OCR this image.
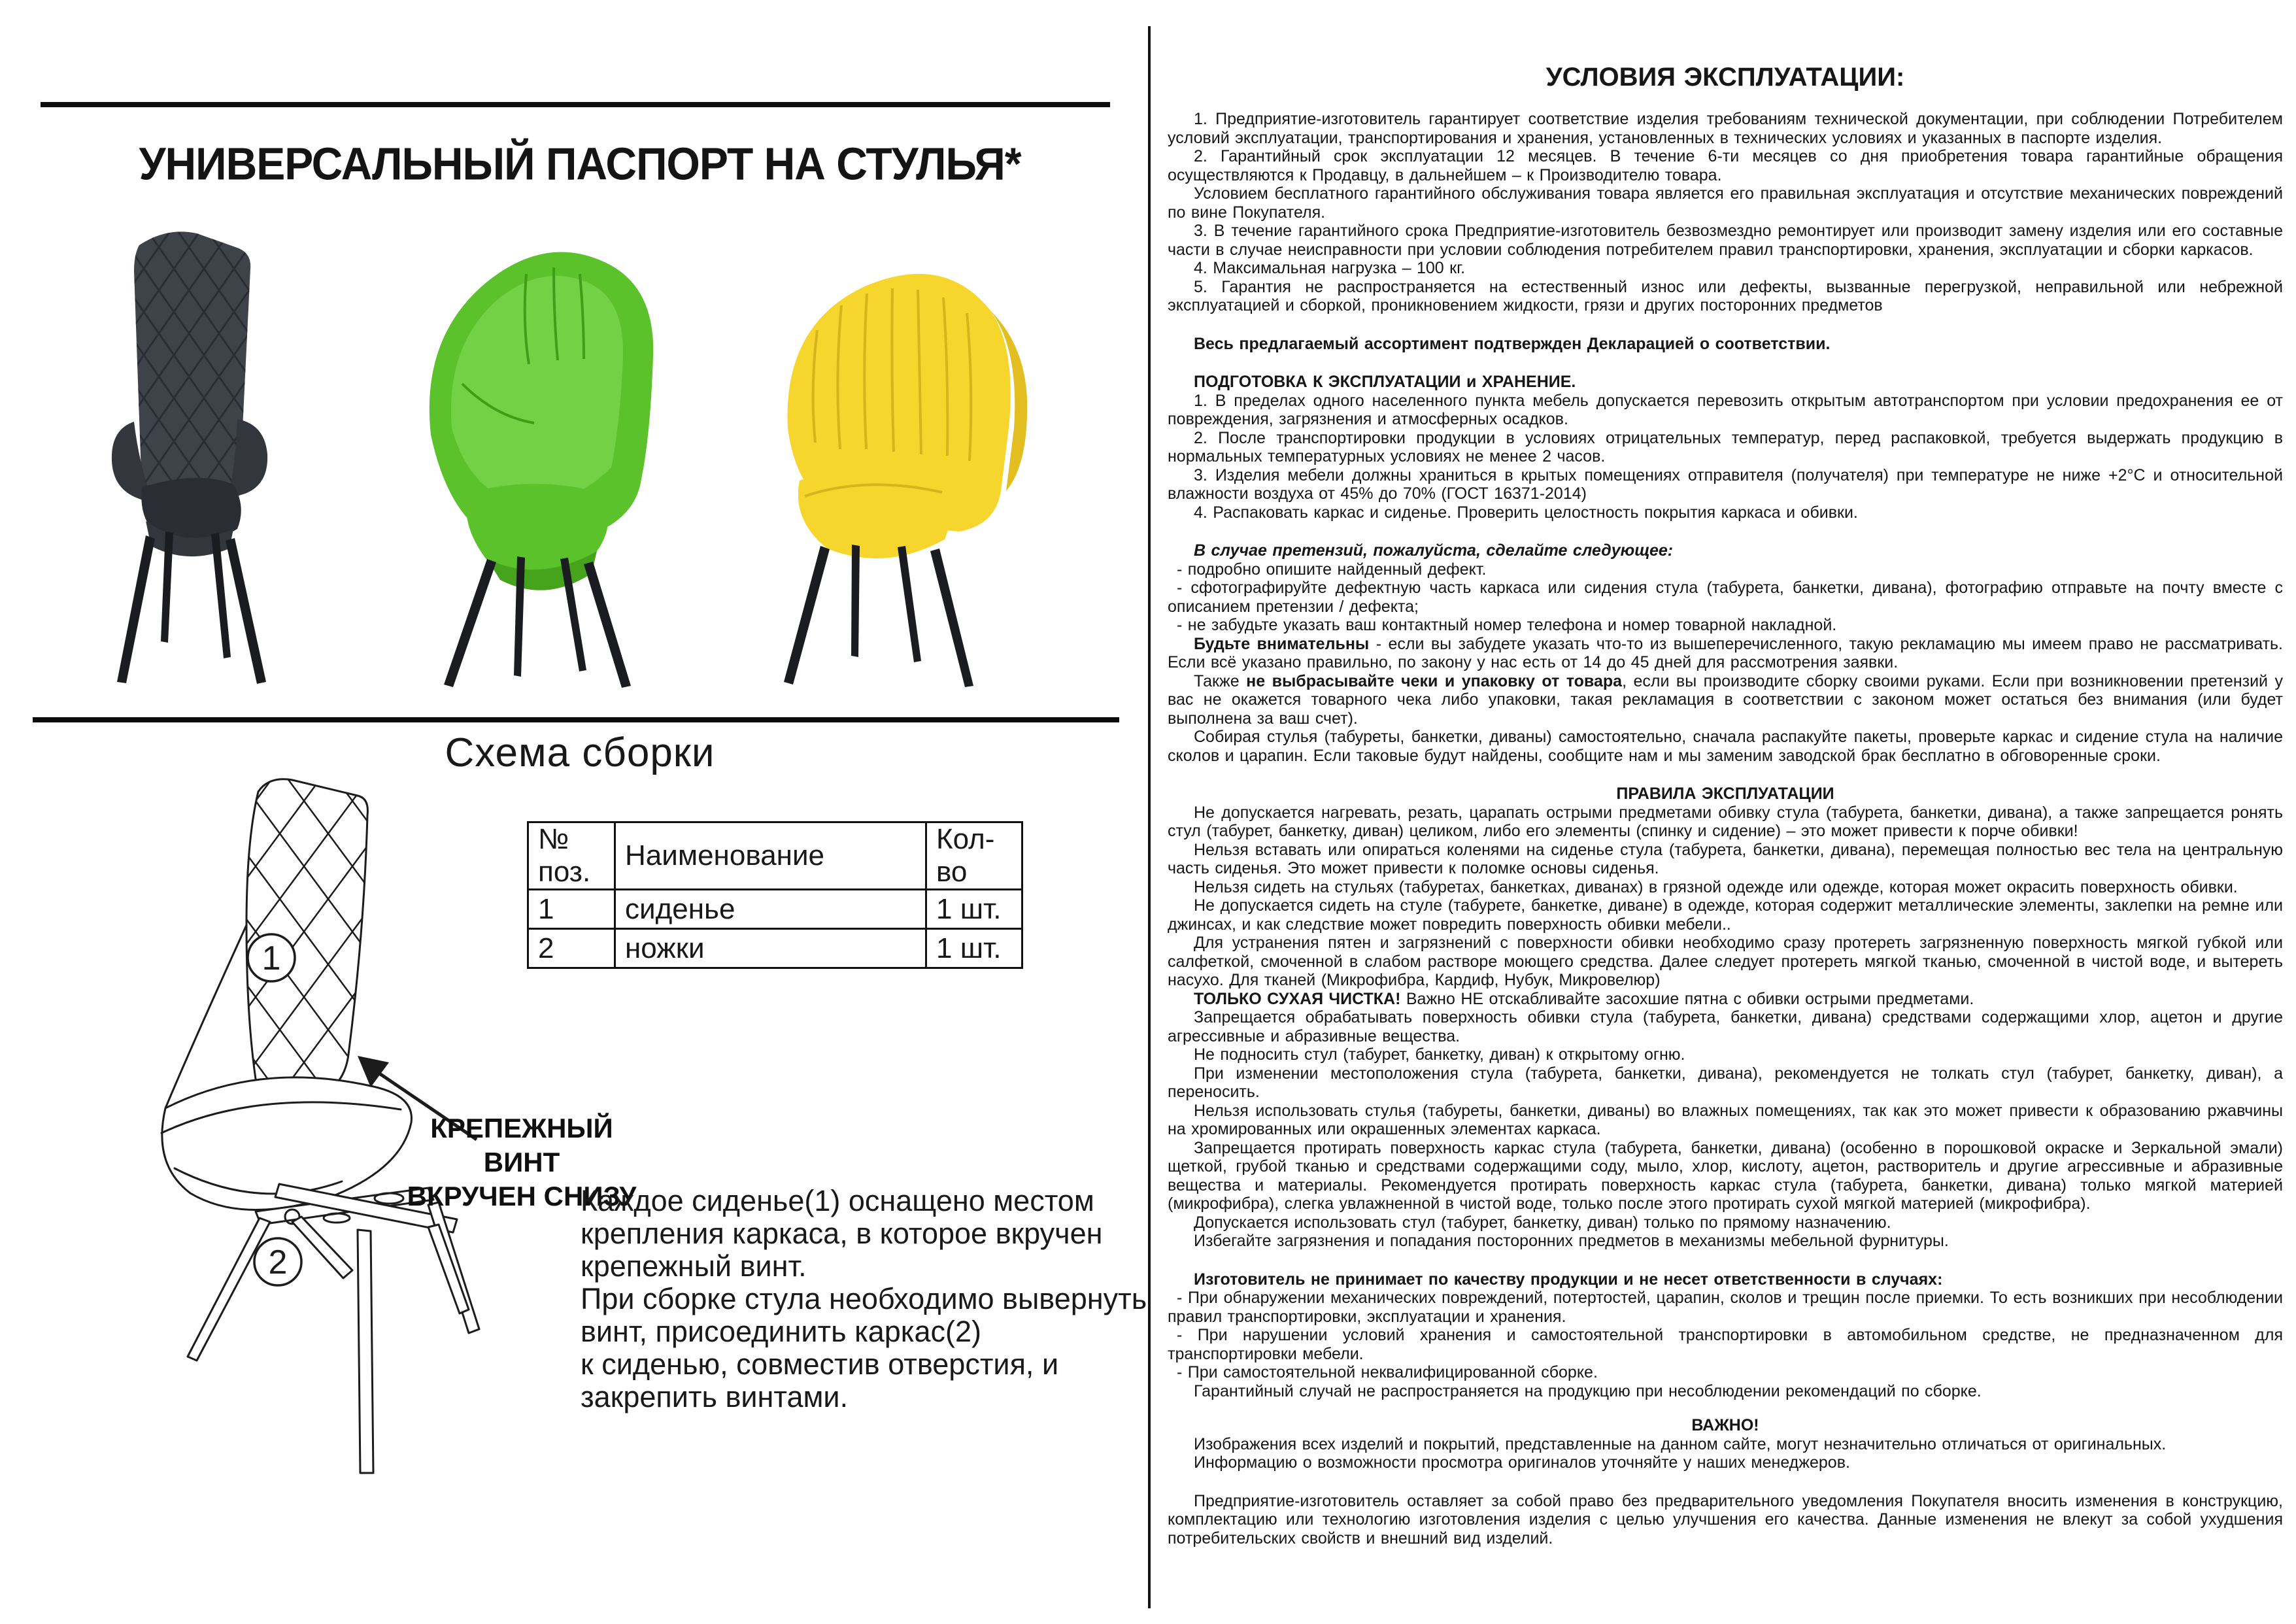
УНИВЕРСАЛЬНЫЙ ПАСПОРТ НА СТУЛЬЯ*
Схема сборки
1
2
№ поз.	Наименование	Кол-во
1	сиденье	1 шт.
2	ножки	1 шт.
КРЕПЕЖНЫЙ ВИНТ
ВКРУЧЕН СНИЗУ
Каждое сиденье(1) оснащено местом
крепления каркаса, в которое вкручен
крепежный винт.
При сборке стула необходимо вывернуть
винт, присоединить каркас(2)
к сиденью, совместив отверстия, и
закрепить винтами.

УСЛОВИЯ ЭКСПЛУАТАЦИИ:

1. Предприятие-изготовитель гарантирует соответствие изделия требованиям технической документации, при соблюдении Потребителем условий эксплуатации, транспортирования и хранения, установленных в технических условиях и указанных в паспорте изделия.

2. Гарантийный срок эксплуатации 12 месяцев. В течение 6-ти месяцев со дня приобретения товара гарантийные обращения осуществляются к Продавцу, в дальнейшем – к Производителю товара.

Условием бесплатного гарантийного обслуживания товара является его правильная эксплуатация и отсутствие механических повреждений по вине Покупателя.

3. В течение гарантийного срока Предприятие-изготовитель безвозмездно ремонтирует или производит замену изделия или его составные части в случае неисправности при условии соблюдения потребителем правил транспортировки, хранения, эксплуатации и сборки каркасов.

4. Максимальная нагрузка – 100 кг.

5. Гарантия не распространяется на естественный износ или дефекты, вызванные перегрузкой, неправильной или небрежной эксплуатацией и сборкой, проникновением жидкости, грязи и других посторонних предметов

Весь предлагаемый ассортимент подтвержден Декларацией о соответствии.

ПОДГОТОВКА К ЭКСПЛУАТАЦИИ и ХРАНЕНИЕ.

1. В пределах одного населенного пункта мебель допускается перевозить открытым автотранспортом при условии предохранения ее от повреждения, загрязнения и атмосферных осадков.

2. После транспортировки продукции в условиях отрицательных температур, перед распаковкой, требуется выдержать продукцию в нормальных температурных условиях не менее 2 часов.

3. Изделия мебели должны храниться в крытых помещениях отправителя (получателя) при температуре не ниже +2°С и относительной влажности воздуха от 45% до 70% (ГОСТ 16371-2014)

4. Распаковать каркас и сиденье. Проверить целостность покрытия каркаса и обивки.

В случае претензий, пожалуйста, сделайте следующее:

- подробно опишите найденный дефект.

- сфотографируйте дефектную часть каркаса или сидения стула (табурета, банкетки, дивана), фотографию отправьте на почту вместе с описанием претензии / дефекта;

- не забудьте указать ваш контактный номер телефона и номер товарной накладной.

Будьте внимательны - если вы забудете указать что-то из вышеперечисленного, такую рекламацию мы имеем право не рассматривать. Если всё указано правильно, по закону у нас есть от 14 до 45 дней для рассмотрения заявки.

Также не выбрасывайте чеки и упаковку от товара, если вы производите сборку своими руками. Если при возникновении претензий у вас не окажется товарного чека либо упаковки, такая рекламация в соответствии с законом может остаться без внимания (или будет выполнена за ваш счет).

Собирая стулья (табуреты, банкетки, диваны) самостоятельно, сначала распакуйте пакеты, проверьте каркас и сидение стула на наличие сколов и царапин. Если таковые будут найдены, сообщите нам и мы заменим заводской брак бесплатно в обговоренные сроки.

ПРАВИЛА ЭКСПЛУАТАЦИИ

Не допускается нагревать, резать, царапать острыми предметами обивку стула (табурета, банкетки, дивана), а также запрещается ронять стул (табурет, банкетку, диван) целиком, либо его элементы (спинку и сидение) – это может привести к порче обивки!

Нельзя вставать или опираться коленями на сиденье стула (табурета, банкетки, дивана), перемещая полностью вес тела на центральную часть сиденья. Это может привести к поломке основы сиденья.

Нельзя сидеть на стульях (табуретах, банкетках, диванах) в грязной одежде или одежде, которая может окрасить поверхность обивки.

Не допускается сидеть на стуле (табурете, банкетке, диване) в одежде, которая содержит металлические элементы, заклепки на ремне или джинсах, и как следствие может повредить поверхность обивки мебели..

Для устранения пятен и загрязнений с поверхности обивки необходимо сразу протереть загрязненную поверхность мягкой губкой или салфеткой, смоченной в слабом растворе моющего средства. Далее следует протереть мягкой тканью, смоченной в чистой воде, и вытереть насухо. Для тканей (Микрофибра, Кардиф, Нубук, Микровелюр)

ТОЛЬКО СУХАЯ ЧИСТКА! Важно НЕ отскабливайте засохшие пятна с обивки острыми предметами.

Запрещается обрабатывать поверхность обивки стула (табурета, банкетки, дивана) средствами содержащими хлор, ацетон и другие агрессивные и абразивные вещества.

Не подносить стул (табурет, банкетку, диван) к открытому огню.

При изменении местоположения стула (табурета, банкетки, дивана), рекомендуется не толкать стул (табурет, банкетку, диван), а переносить.

Нельзя использовать стулья (табуреты, банкетки, диваны) во влажных помещениях, так как это может привести к образованию ржавчины на хромированных или окрашенных элементах каркаса.

Запрещается протирать поверхность каркас стула (табурета, банкетки, дивана) (особенно в порошковой окраске и Зеркальной эмали) щеткой, грубой тканью и средствами содержащими соду, мыло, хлор, кислоту, ацетон, растворитель и другие агрессивные и абразивные вещества и материалы. Рекомендуется протирать поверхность каркас стула (табурета, банкетки, дивана) только мягкой материей (микрофибра), слегка увлажненной в чистой воде, только после этого протирать сухой мягкой материей (микрофибра).

Допускается использовать стул (табурет, банкетку, диван) только по прямому назначению.

Избегайте загрязнения и попадания посторонних предметов в механизмы мебельной фурнитуры.

Изготовитель не принимает по качеству продукции и не несет ответственности в случаях:

- При обнаружении механических повреждений, потертостей, царапин, сколов и трещин после приемки. То есть возникших при несоблюдении правил транспортировки, эксплуатации и хранения.

- При нарушении условий хранения и самостоятельной транспортировки в автомобильном средстве, не предназначенном для транспортировки мебели.

- При самостоятельной неквалифицированной сборке.

Гарантийный случай не распространяется на продукцию при несоблюдении рекомендаций по сборке.

ВАЖНО!

Изображения всех изделий и покрытий, представленные на данном сайте, могут незначительно отличаться от оригинальных.

Информацию о возможности просмотра оригиналов уточняйте у наших менеджеров.

Предприятие-изготовитель оставляет за собой право без предварительного уведомления Покупателя вносить изменения в конструкцию, комплектацию или технологию изготовления изделия с целью улучшения его качества. Данные изменения не влекут за собой ухудшения потребительских свойств и внешний вид изделий.
